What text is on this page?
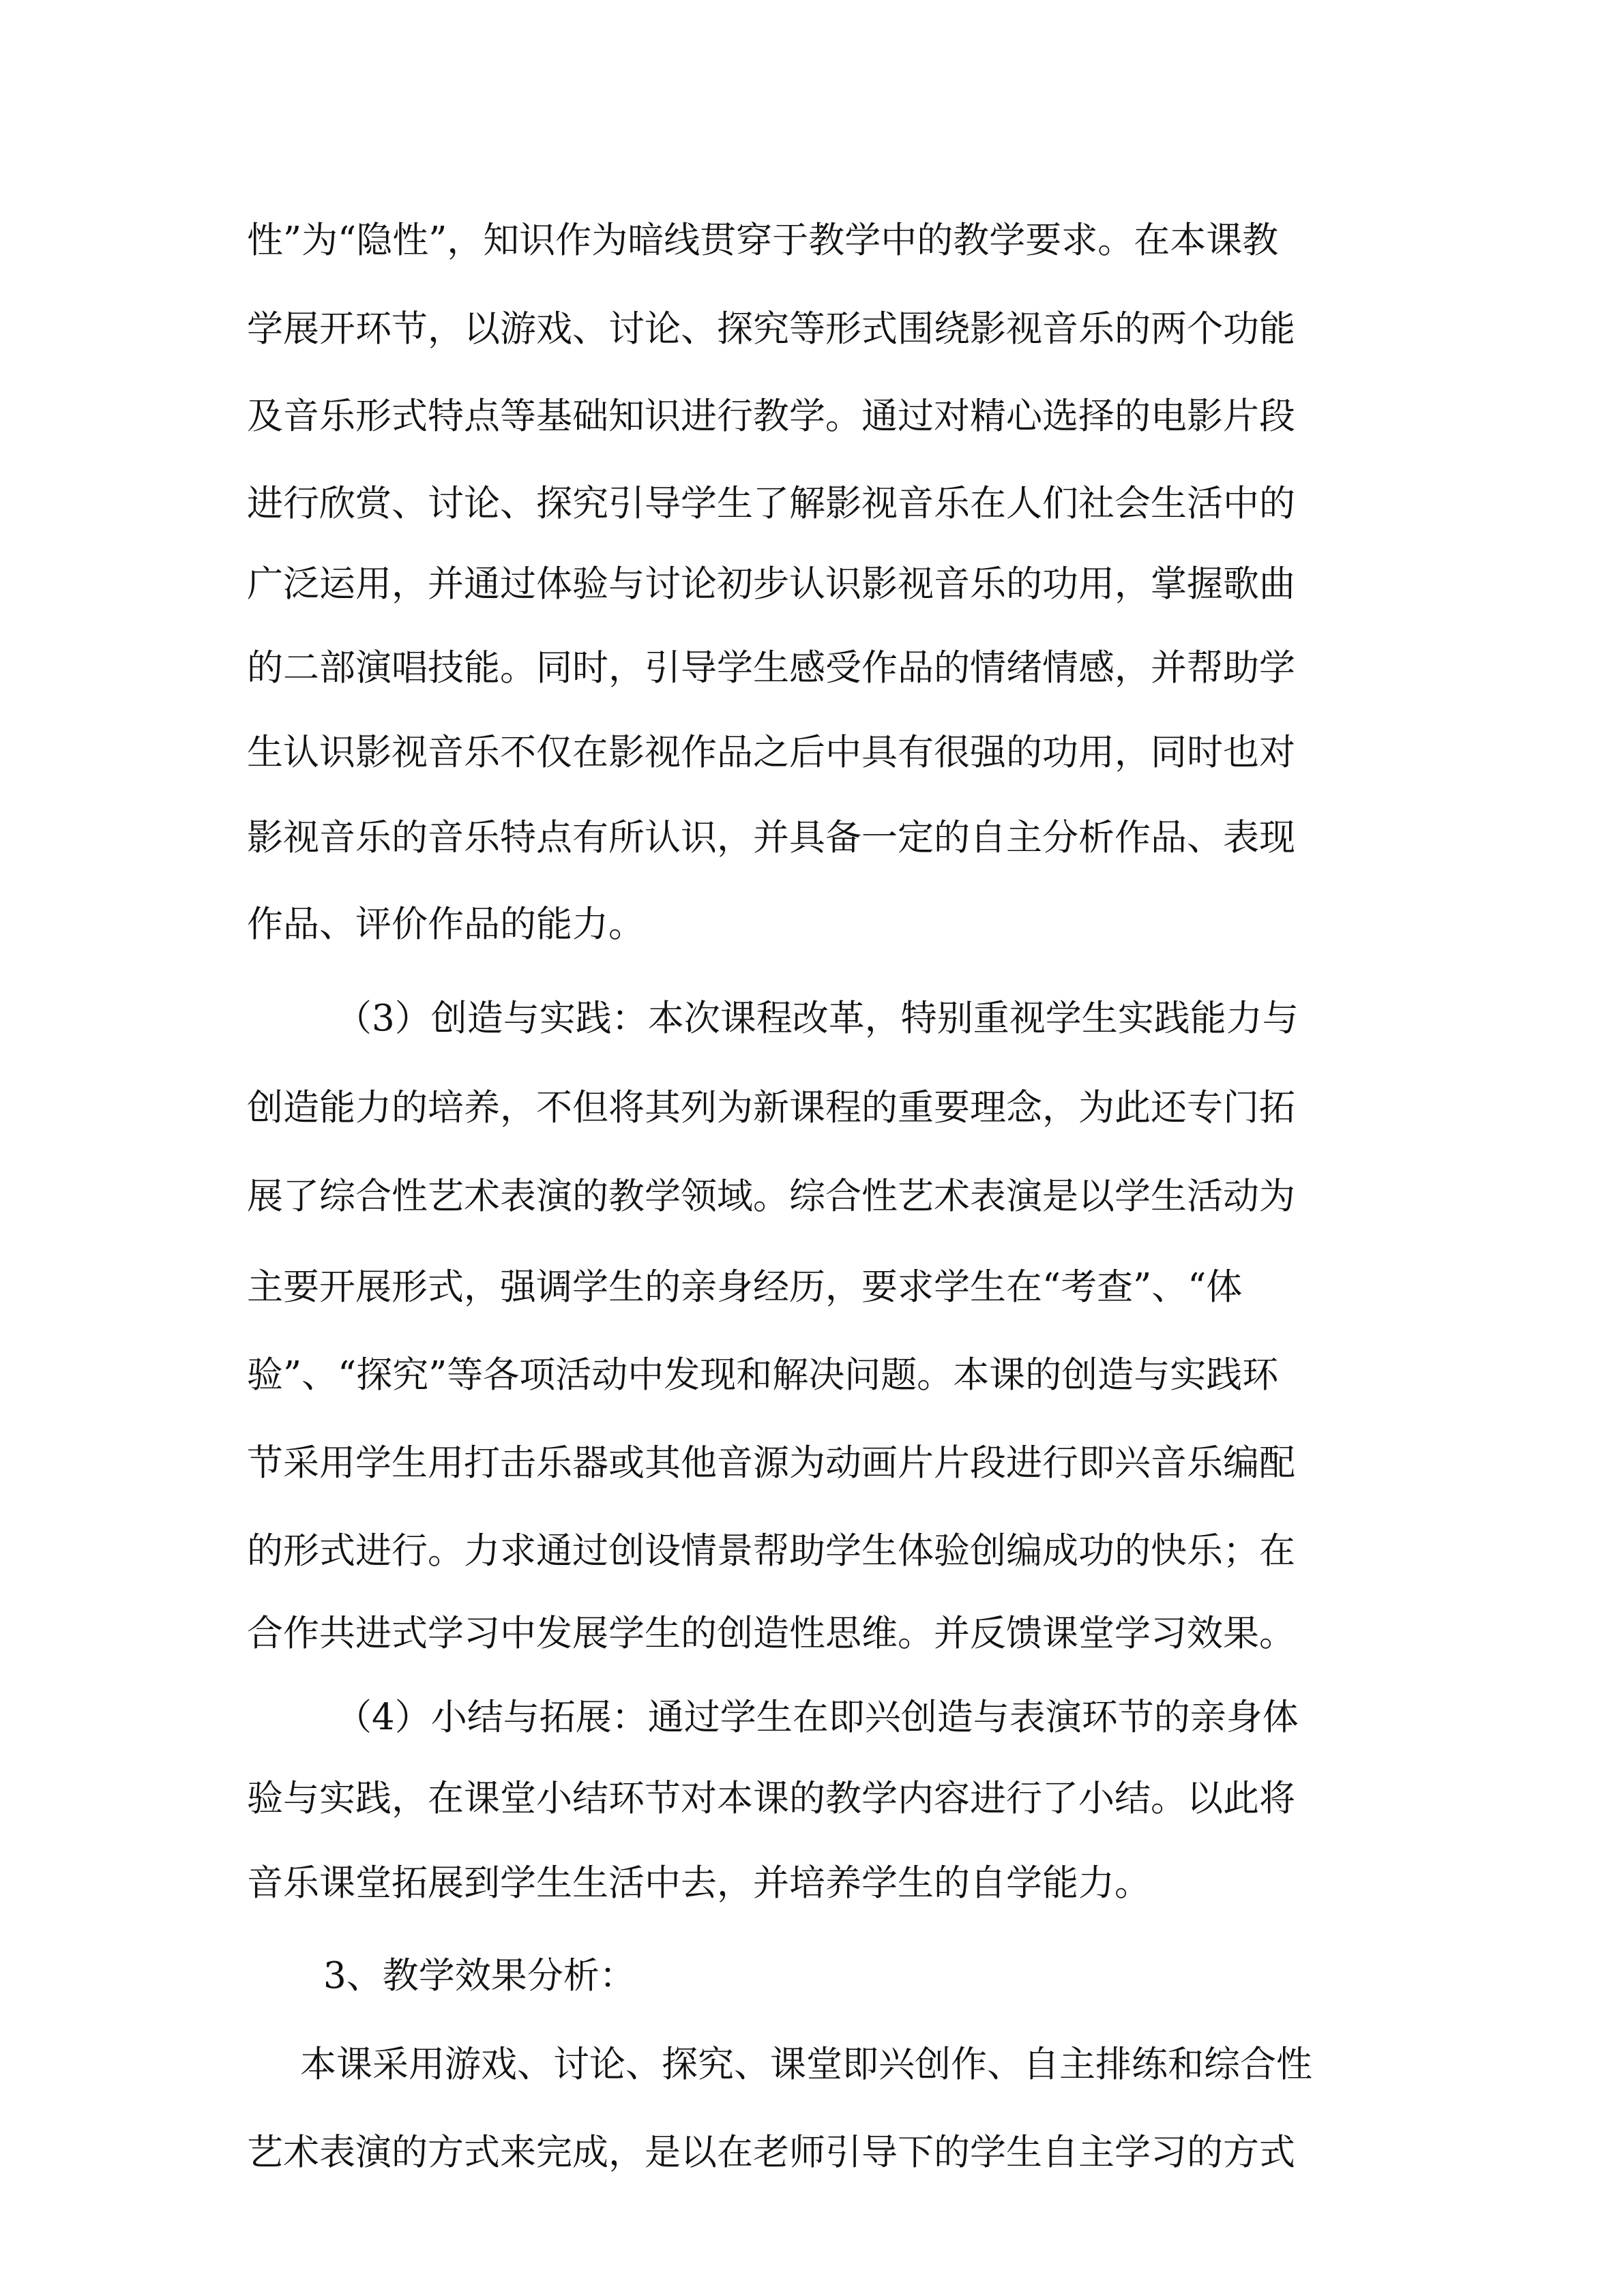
性”为“隐性”，知识作为暗线贯穿于教学中的教学要求。在本课教
学展开环节，以游戏、讨论、探究等形式围绕影视音乐的两个功能
及音乐形式特点等基础知识进行教学。通过对精心选择的电影片段
进行欣赏、讨论、探究引导学生了解影视音乐在人们社会生活中的
广泛运用，并通过体验与讨论初步认识影视音乐的功用，掌握歌曲
的二部演唱技能。同时，引导学生感受作品的情绪情感，并帮助学
生认识影视音乐不仅在影视作品之后中具有很强的功用，同时也对
影视音乐的音乐特点有所认识，并具备一定的自主分析作品、表现
作品、评价作品的能力。
（3）创造与实践：本次课程改革，特别重视学生实践能力与
创造能力的培养，不但将其列为新课程的重要理念，为此还专门拓
展了综合性艺术表演的教学领域。综合性艺术表演是以学生活动为
主要开展形式，强调学生的亲身经历，要求学生在“考查”、“体
验”、“探究”等各项活动中发现和解决问题。本课的创造与实践环
节采用学生用打击乐器或其他音源为动画片片段进行即兴音乐编配
的形式进行。力求通过创设情景帮助学生体验创编成功的快乐；在
合作共进式学习中发展学生的创造性思维。并反馈课堂学习效果。
（4）小结与拓展：通过学生在即兴创造与表演环节的亲身体
验与实践，在课堂小结环节对本课的教学内容进行了小结。以此将
音乐课堂拓展到学生生活中去，并培养学生的自学能力。
3、教学效果分析：
本课采用游戏、讨论、探究、课堂即兴创作、自主排练和综合性
艺术表演的方式来完成，是以在老师引导下的学生自主学习的方式
